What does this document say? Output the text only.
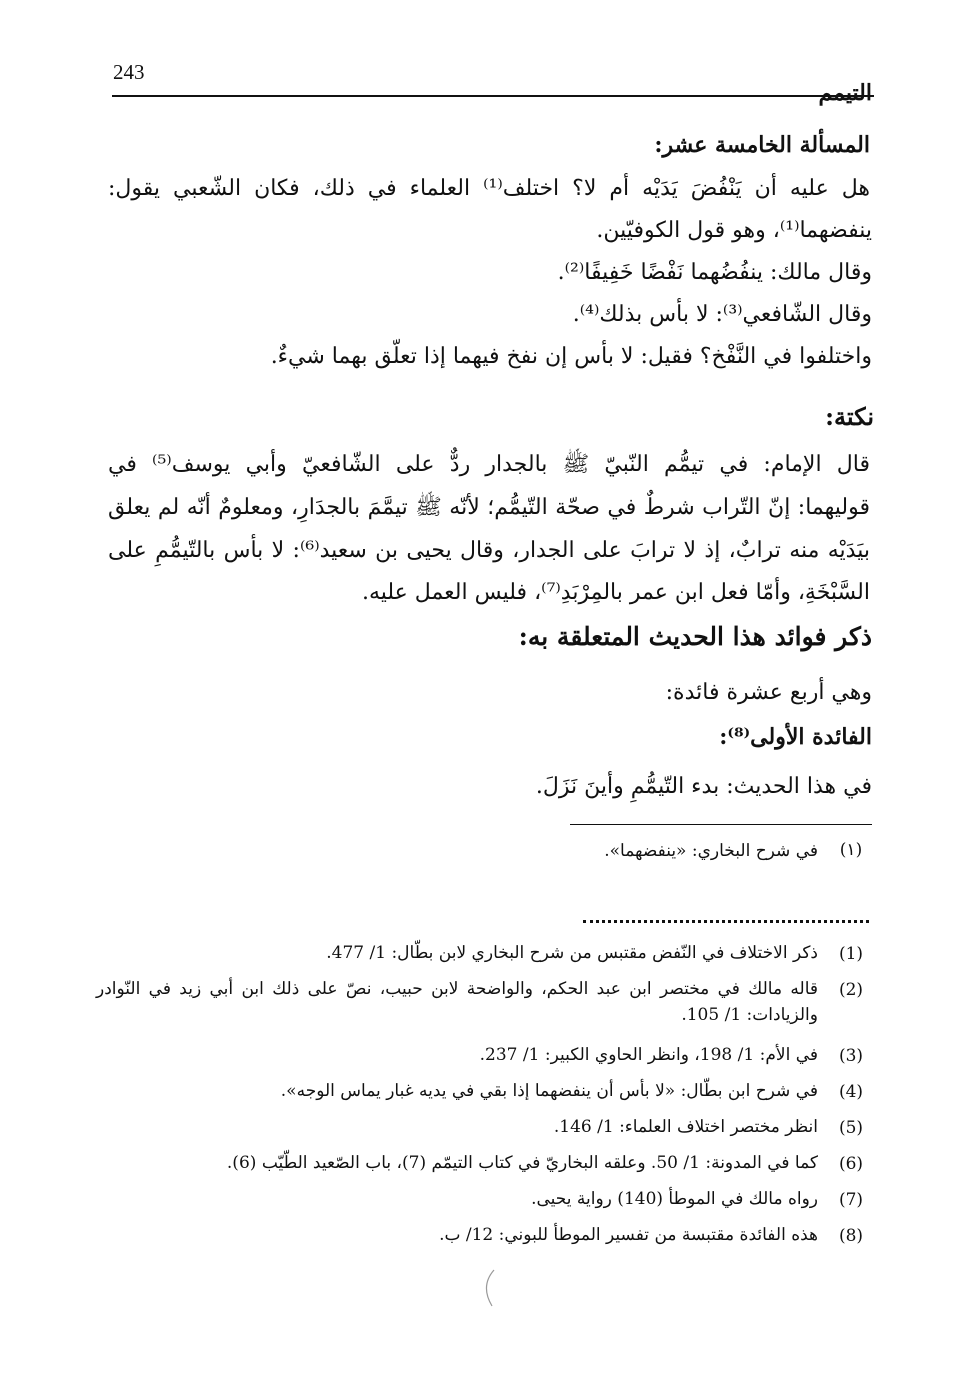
243
التيمم
المسألة الخامسة عشر:
هل عليه أن يَنْفُضَ يَدَيْه أم لا؟ اختلف⁽¹⁾ العلماء في ذلك، فكان الشّعبي يقول:
ينفضهما⁽¹⁾، وهو قول الكوفيّين.
وقال مالك: ينفُضُهما نَفْضًا خَفِيفًا⁽²⁾.
وقال الشّافعي⁽³⁾: لا بأس بذلك⁽⁴⁾.
واختلفوا في النَّفْخ؟ فقيل: لا بأس إن نفخ فيهما إذا تعلّق بهما شيءٌ.
نكتة:
قال الإمام: في تيمُّم النّبيّ ﷺ بالجدار ردٌّ على الشّافعيّ وأبي يوسف⁽⁵⁾ في
قوليهما: إنّ التّراب شرطٌ في صحّة التّيمُّم؛ لأنّه ﷺ تيمَّمَ بالجدَارِ، ومعلومٌ أنّه لم يعلق
بيَدَيْه منه ترابٌ، إذ لا ترابَ على الجدار، وقال يحيى بن سعيد⁽⁶⁾: لا بأس بالتّيمُّمِ على
السَّبْخَةِ، وأمّا فعل ابن عمر بالمِرْبَدِ⁽⁷⁾، فليس العمل عليه.
ذكر فوائد هذا الحديث المتعلقة به:
وهي أربع عشرة فائدة:
الفائدة الأولى⁽⁸⁾:
في هذا الحديث: بدء التّيمُّمِ وأينَ نَزَلَ.
(١)
في شرح البخاري: «ينفضهما».
(1)
ذكر الاختلاف في النّفض مقتبس من شرح البخاري لابن بطّال: 1/ 477.
(2)
قاله مالك في مختصر ابن عبد الحكم، والواضحة لابن حبيب، نصّ على ذلك ابن أبي زيد في النّوادر والزيادات: 1/ 105.
(3)
في الأم: 1/ 198، وانظر الحاوي الكبير: 1/ 237.
(4)
في شرح ابن بطّال: «لا بأس أن ينفضهما إذا بقي في يديه غبار يماس الوجه».
(5)
انظر مختصر اختلاف العلماء: 1/ 146.
(6)
كما في المدونة: 1/ 50. وعلقه البخاريّ في كتاب التيمّم (7)، باب الصّعيد الطّيّب (6).
(7)
رواه مالك في الموطأ (140) رواية يحيى.
(8)
هذه الفائدة مقتبسة من تفسير الموطأ للبوني: 12/ ب.
